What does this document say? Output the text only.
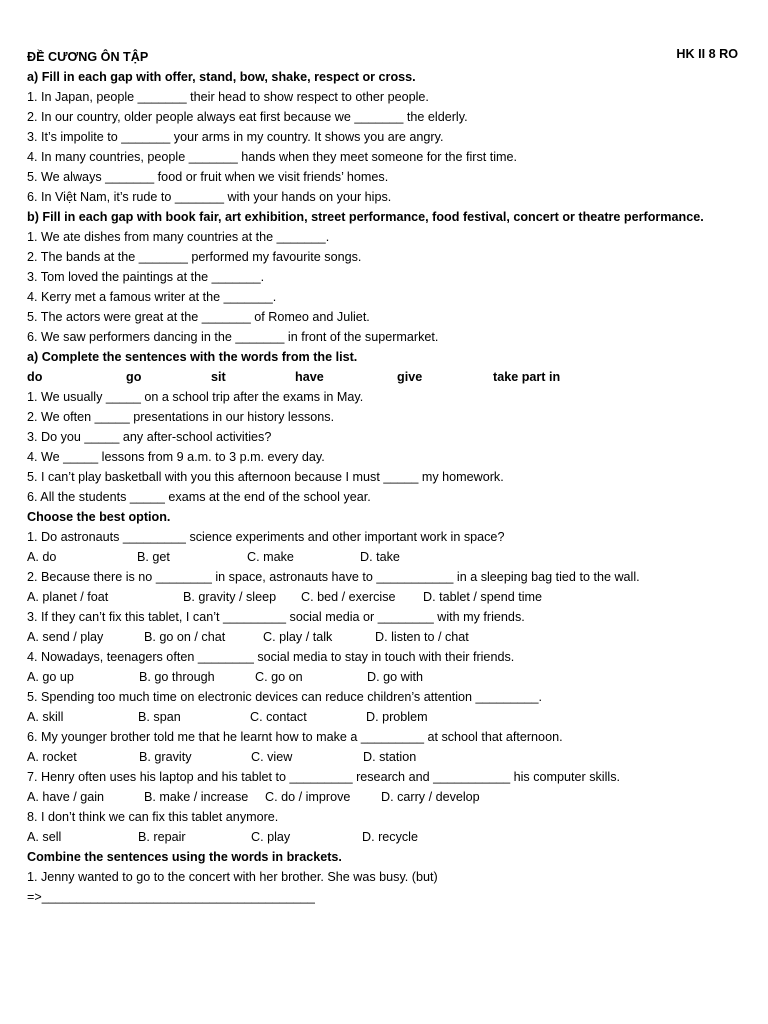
HK II 8 RO
ĐỀ CƯƠNG ÔN TẬP
a) Fill in each gap with offer, stand, bow, shake, respect or cross.
1. In Japan, people _______ their head to show respect to other people.
2. In our country, older people always eat first because we _______ the elderly.
3. It’s impolite to _______ your arms in my country. It shows you are angry.
4. In many countries, people _______ hands when they meet someone for the first time.
5. We always _______ food or fruit when we visit friends’ homes.
6. In Việt Nam, it’s rude to _______ with your hands on your hips.
b) Fill in each gap with book fair, art exhibition, street performance, food festival, concert or theatre performance.
1. We ate dishes from many countries at the _______.
2. The bands at the _______ performed my favourite songs.
3. Tom loved the paintings at the _______.
4. Kerry met a famous writer at the _______.
5. The actors were great at the _______ of Romeo and Juliet.
6. We saw performers dancing in the _______ in front of the supermarket.
a) Complete the sentences with the words from the list.
do	go	sit	have	give	take part in
1. We usually _____ on a school trip after the exams in May.
2. We often _____ presentations in our history lessons.
3. Do you _____ any after-school activities?
4. We _____ lessons from 9 a.m. to 3 p.m. every day.
5. I can’t play basketball with you this afternoon because I must _____ my homework.
6. All the students _____ exams at the end of the school year.
Choose the best option.
1. Do astronauts _________ science experiments and other important work in space?
A. do	B. get	C. make	D. take
2. Because there is no ________ in space, astronauts have to ___________ in a sleeping bag tied to the wall.
A. planet / foat	B. gravity / sleep	C. bed / exercise	D. tablet / spend time
3. If they can’t fix this tablet, I can’t _________ social media or ________ with my friends.
A. send / play	B. go on / chat	C. play / talk	D. listen to / chat
4. Nowadays, teenagers often ________ social media to stay in touch with their friends.
A. go up	B. go through	C. go on	D. go with
5. Spending too much time on electronic devices can reduce children’s attention _________.
A. skill	B. span	C. contact	D. problem
6. My younger brother told me that he learnt how to make a _________ at school that afternoon.
A. rocket	B. gravity	C. view	D. station
7. Henry often uses his laptop and his tablet to _________ research and ___________ his computer skills.
A. have / gain	B. make / increase	C. do / improve	D. carry / develop
8. I don’t think we can fix this tablet anymore.
A. sell	B. repair	C. play	D. recycle
Combine the sentences using the words in brackets.
1. Jenny wanted to go to the concert with her brother. She was busy. (but)
=>_______________________________________
